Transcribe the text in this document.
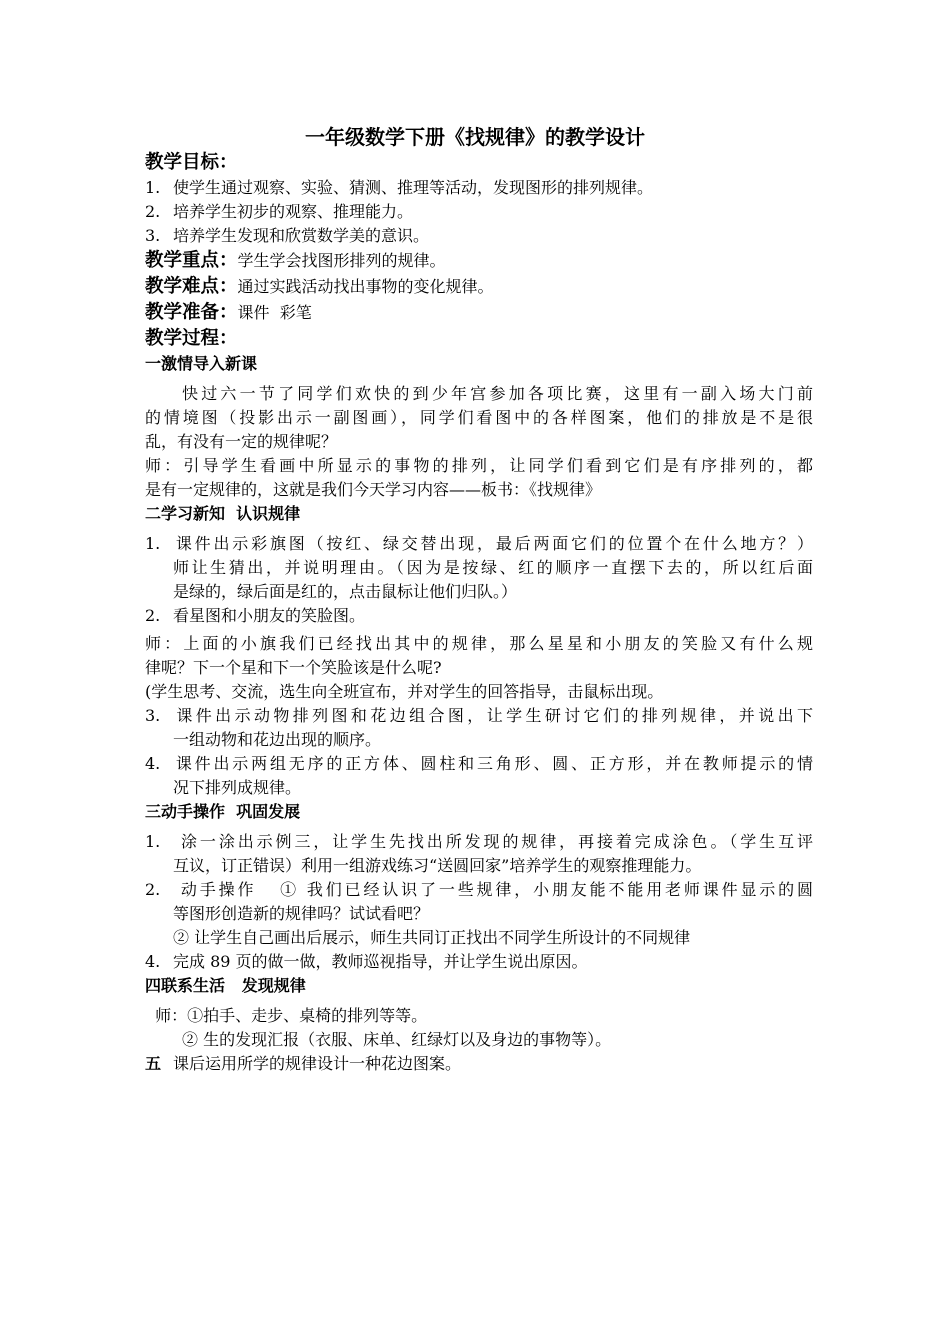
一年级数学下册《找规律》的教学设计
教学目标：
1. 使学生通过观察、实验、猜测、推理等活动，发现图形的排列规律。
2. 培养学生初步的观察、推理能力。
3. 培养学生发现和欣赏数学美的意识。
教学重点：学生学会找图形排列的规律。
教学难点：通过实践活动找出事物的变化规律。
教学准备：课件  彩笔
教学过程：
一激情导入新课
快过六一节了同学们欢快的到少年宫参加各项比赛，这里有一副入场大门前
的情境图（投影出示一副图画），同学们看图中的各样图案，他们的排放是不是很
乱，有没有一定的规律呢？
师：引导学生看画中所显示的事物的排列，让同学们看到它们是有序排列的，都
是有一定规律的，这就是我们今天学习内容——板书：《找规律》
二学习新知  认识规律
1. 课件出示彩旗图（按红、绿交替出现，最后两面它们的位置个在什么地方？）
师让生猜出，并说明理由。（因为是按绿、红的顺序一直摆下去的，所以红后面
是绿的，绿后面是红的，点击鼠标让他们归队。）
2. 看星图和小朋友的笑脸图。
师：上面的小旗我们已经找出其中的规律，那么星星和小朋友的笑脸又有什么规
律呢？下一个星和下一个笑脸该是什么呢?
(学生思考、交流，选生向全班宣布，并对学生的回答指导，击鼠标出现。
3. 课件出示动物排列图和花边组合图，让学生研讨它们的排列规律，并说出下
一组动物和花边出现的顺序。
4. 课件出示两组无序的正方体、圆柱和三角形、圆、正方形，并在教师提示的情
况下排列成规律。
三动手操作  巩固发展
1. 涂一涂出示例三，让学生先找出所发现的规律，再接着完成涂色。（学生互评
互议，订正错误）利用一组游戏练习“送圆回家”培养学生的观察推理能力。
2. 动手操作   ① 我们已经认识了一些规律，小朋友能不能用老师课件显示的圆
等图形创造新的规律吗？试试看吧？
② 让学生自己画出后展示，师生共同订正找出不同学生所设计的不同规律
4. 完成 89 页的做一做，教师巡视指导，并让学生说出原因。
四联系生活   发现规律
师：①拍手、走步、桌椅的排列等等。
② 生的发现汇报（衣服、床单、红绿灯以及身边的事物等）。
五 课后运用所学的规律设计一种花边图案。
